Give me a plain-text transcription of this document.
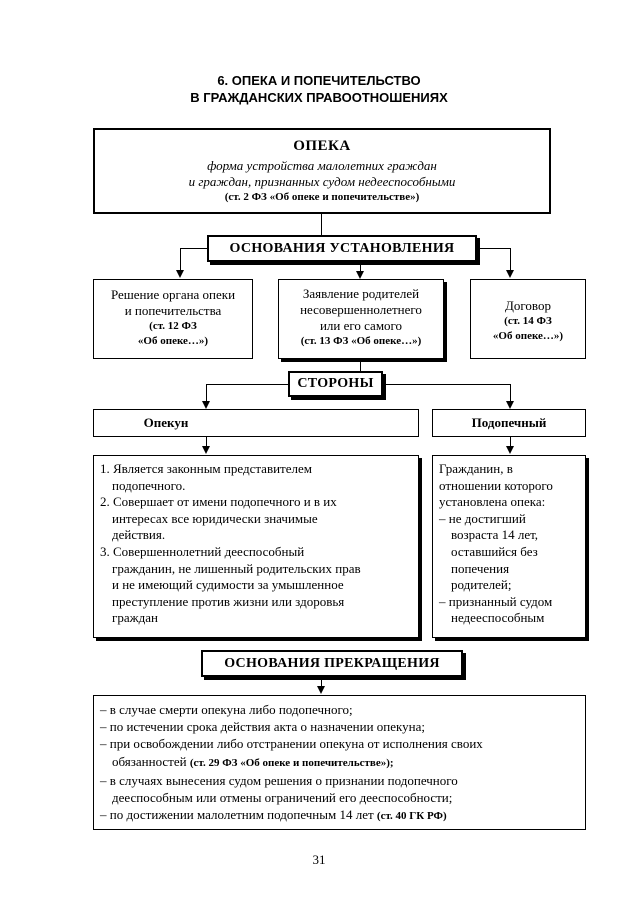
6. ОПЕКА И ПОПЕЧИТЕЛЬСТВО
В ГРАЖДАНСКИХ ПРАВООТНОШЕНИЯХ
ОПЕКА
форма устройства малолетних граждан
и граждан, признанных судом недееспособными
(ст. 2 ФЗ «Об опеке и попечительстве»)
ОСНОВАНИЯ УСТАНОВЛЕНИЯ
Решение органа опеки
и попечительства
(ст. 12 ФЗ
«Об опеке…»)
Заявление родителей
несовершеннолетнего
или его самого
(ст. 13 ФЗ «Об опеке…»)
Договор
(ст. 14 ФЗ
«Об опеке…»)
СТОРОНЫ
Опекун	Подопечный
1. Является законным представителем
подопечного.
2. Совершает от имени подопечного и в их
интересах все юридически значимые
действия.
3. Совершеннолетний дееспособный
гражданин, не лишенный родительских прав
и не имеющий судимости за умышленное
преступление против жизни или здоровья
граждан
Гражданин, в
отношении которого
установлена опека:
– не достигший
возраста 14 лет,
оставшийся без
попечения
родителей;
– признанный судом
недееспособным
ОСНОВАНИЯ ПРЕКРАЩЕНИЯ
– в случае смерти опекуна либо подопечного;
– по истечении срока действия акта о назначении опекуна;
– при освобождении либо отстранении опекуна от исполнения своих
обязанностей (ст. 29 ФЗ «Об опеке и попечительстве»);
– в случаях вынесения судом решения о признании подопечного
дееспособным или отмены ограничений его дееспособности;
– по достижении малолетним подопечным 14 лет (ст. 40 ГК РФ)
31
